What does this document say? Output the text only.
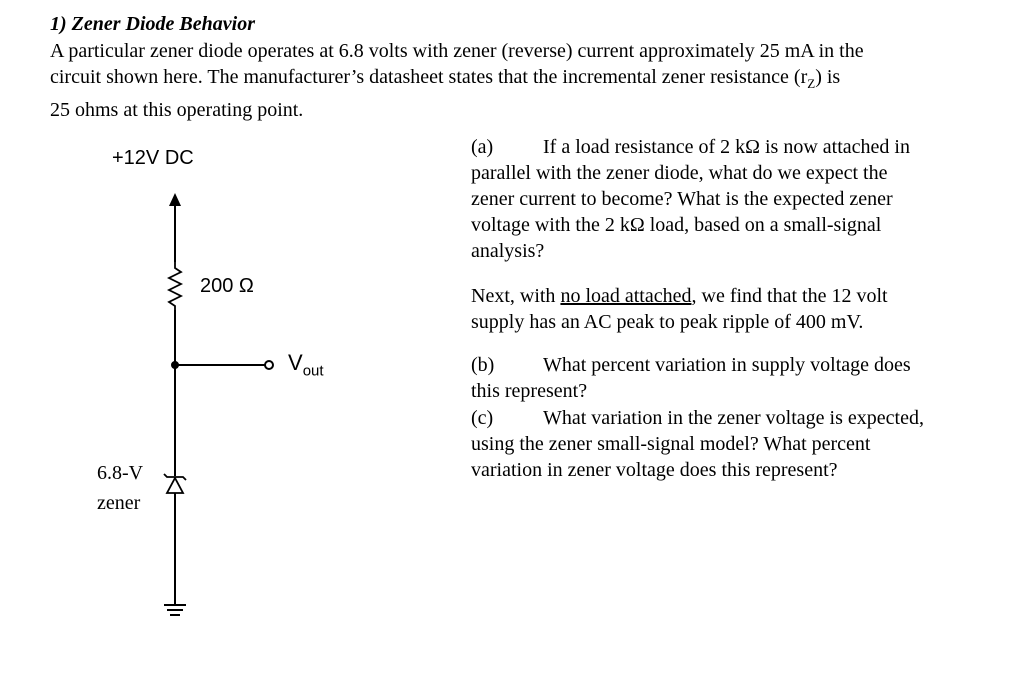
1) Zener Diode Behavior
A particular zener diode operates at 6.8 volts with zener (reverse) current approximately 25 mA in the
circuit shown here. The manufacturer’s datasheet states that the incremental zener resistance $(r_Z)$ is
25 ohms at this operating point.
(a) If a load resistance of 2 kΩ is now attached in
parallel with the zener diode, what do we expect the
zener current to become? What is the expected zener
voltage with the 2 kΩ load, based on a small-signal
analysis?
Next, with no load attached, we find that the 12 volt
supply has an AC peak to peak ripple of 400 mV.
(b) What percent variation in supply voltage does
this represent?
(c) What variation in the zener voltage is expected,
using the zener small-signal model? What percent
variation in zener voltage does this represent?
+12V DC
200 Ω
$V_{out}$
6.8-V
zener
